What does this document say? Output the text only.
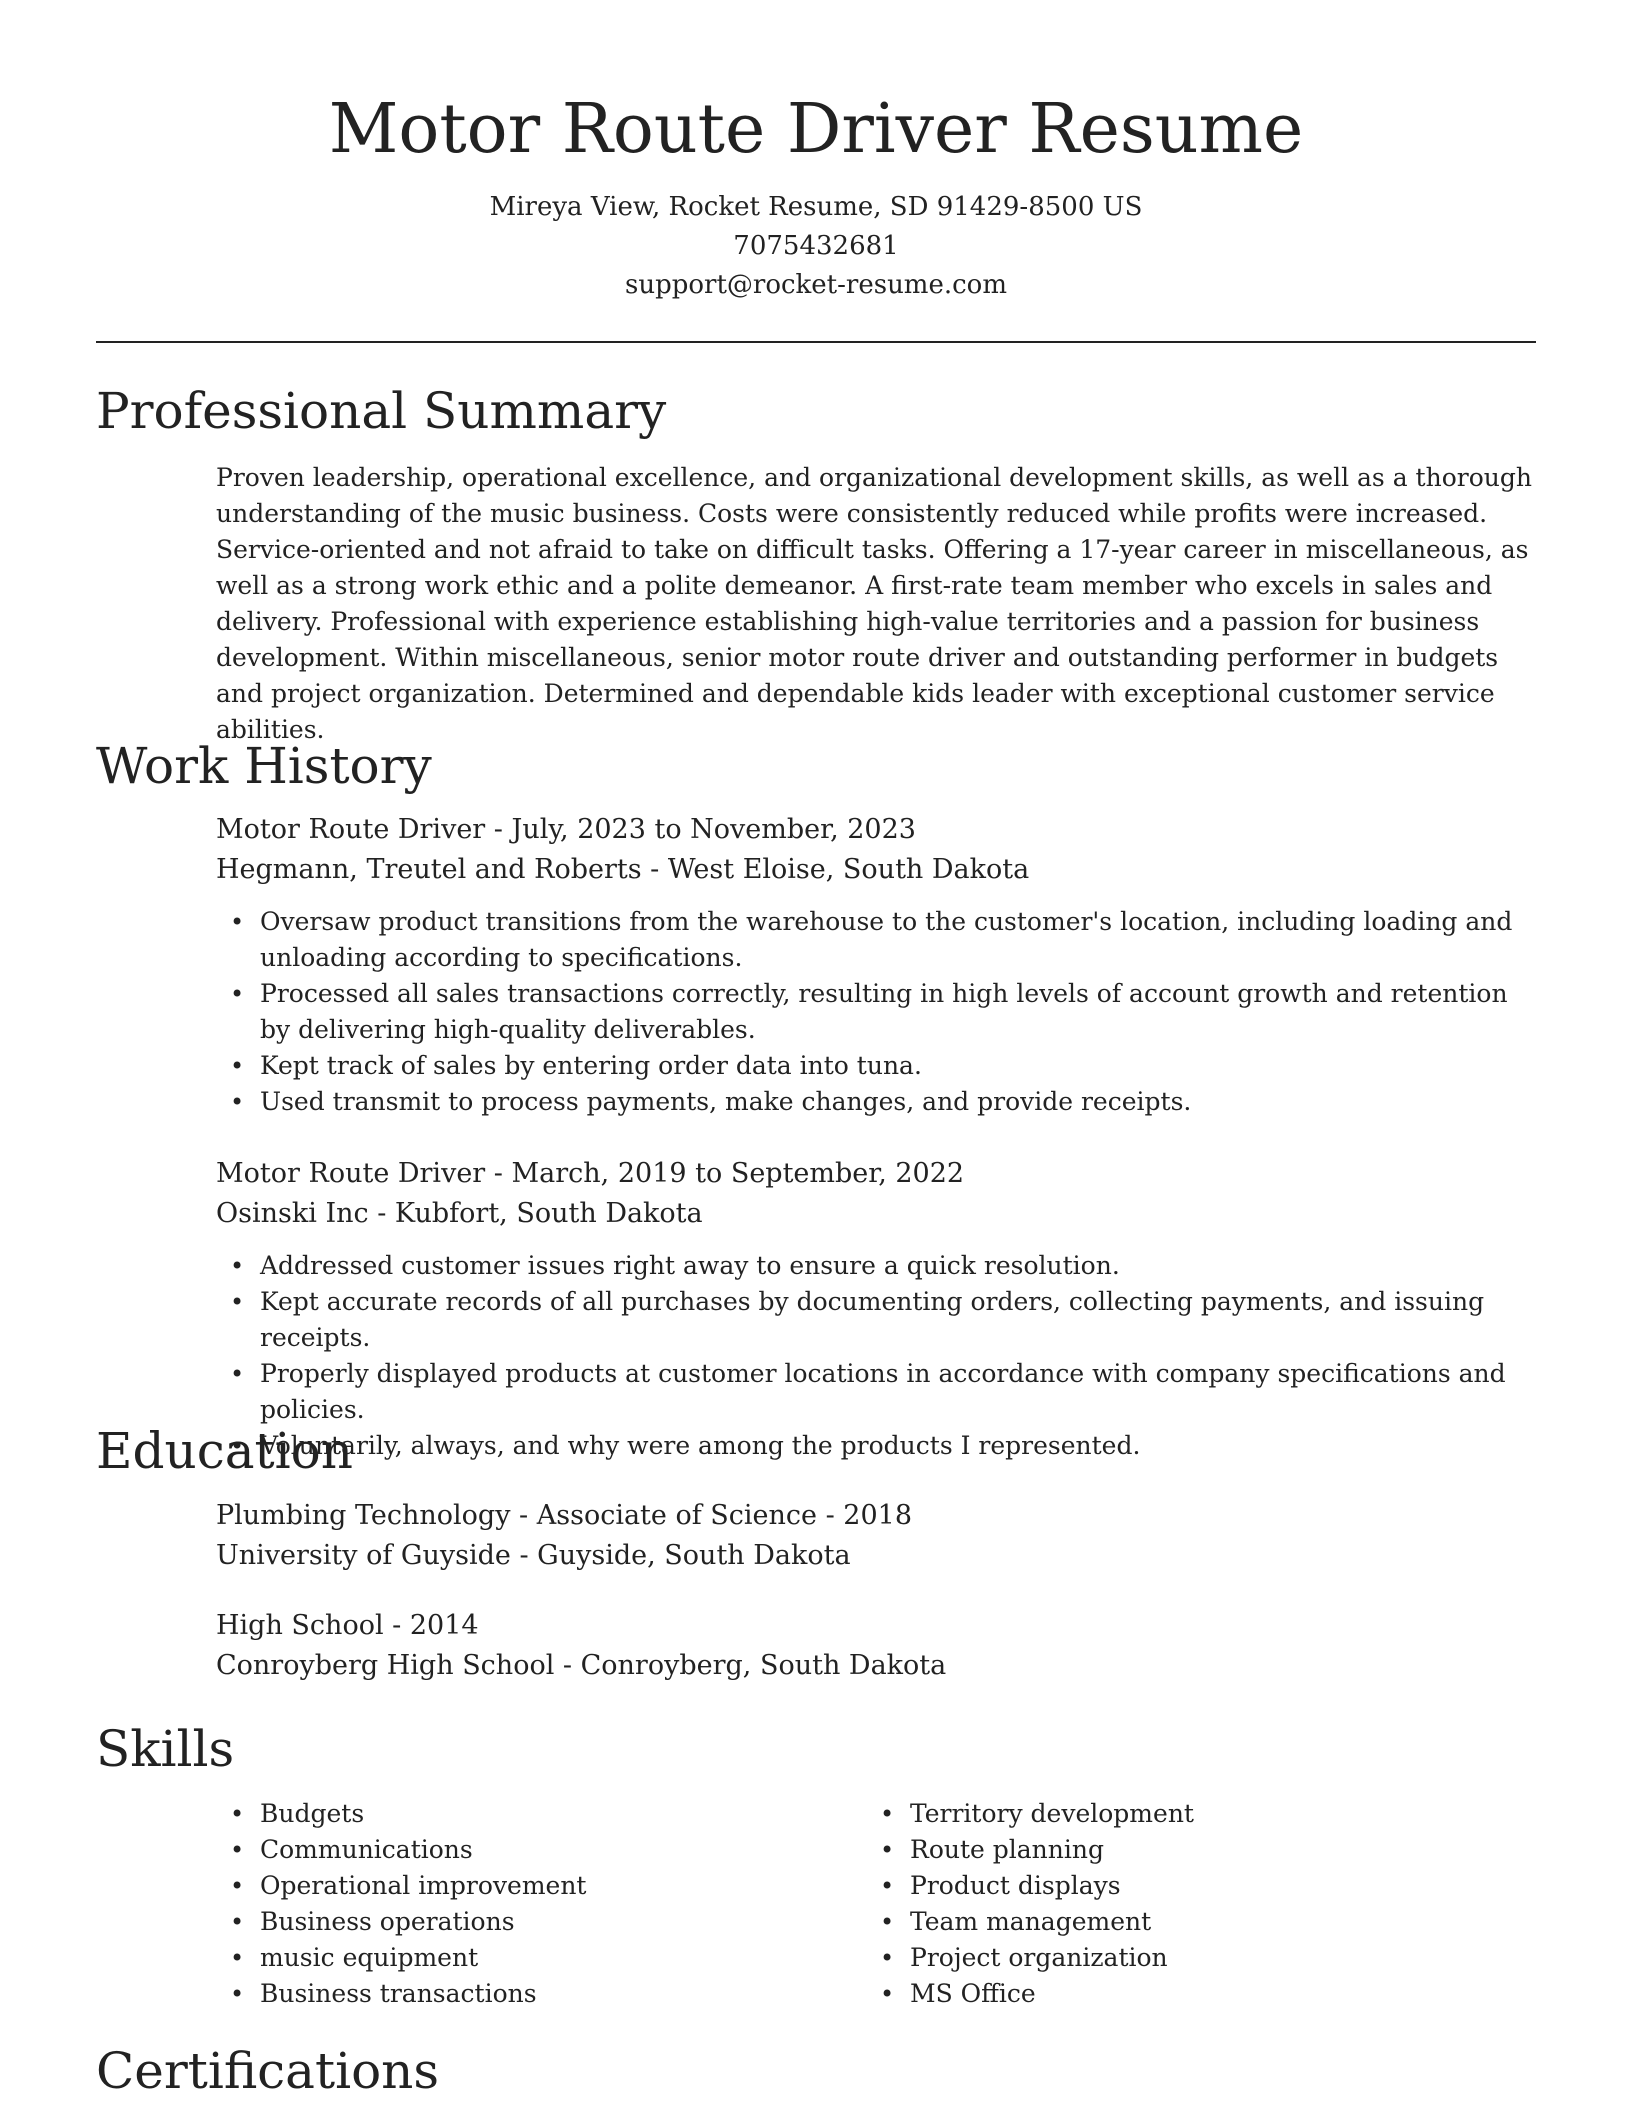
Motor Route Driver Resume
Mireya View, Rocket Resume, SD 91429-8500 US
7075432681
support@rocket-resume.com
Professional Summary

Proven leadership, operational excellence, and organizational development skills, as well as a thorough understanding of the music business. Costs were consistently reduced while profits were increased. Service-oriented and not afraid to take on difficult tasks. Offering a 17-year career in miscellaneous, as well as a strong work ethic and a polite demeanor. A first-rate team member who excels in sales and delivery. Professional with experience establishing high-value territories and a passion for business development. Within miscellaneous, senior motor route driver and outstanding performer in budgets and project organization. Determined and dependable kids leader with exceptional customer service abilities.

Work History
Motor Route Driver - July, 2023 to November, 2023
Hegmann, Treutel and Roberts - West Eloise, South Dakota
• Oversaw product transitions from the warehouse to the customer's location, including loading and unloading according to specifications.
• Processed all sales transactions correctly, resulting in high levels of account growth and retention by delivering high-quality deliverables.
• Kept track of sales by entering order data into tuna.
• Used transmit to process payments, make changes, and provide receipts.
Motor Route Driver - March, 2019 to September, 2022
Osinski Inc - Kubfort, South Dakota
• Addressed customer issues right away to ensure a quick resolution.
• Kept accurate records of all purchases by documenting orders, collecting payments, and issuing receipts.
• Properly displayed products at customer locations in accordance with company specifications and policies.
• Voluntarily, always, and why were among the products I represented.
Education
Plumbing Technology - Associate of Science - 2018
University of Guyside - Guyside, South Dakota
High School - 2014
Conroyberg High School - Conroyberg, South Dakota
Skills
• Budgets
• Communications
• Operational improvement
• Business operations
• music equipment
• Business transactions
• Territory development
• Route planning
• Product displays
• Team management
• Project organization
• MS Office
Certifications
